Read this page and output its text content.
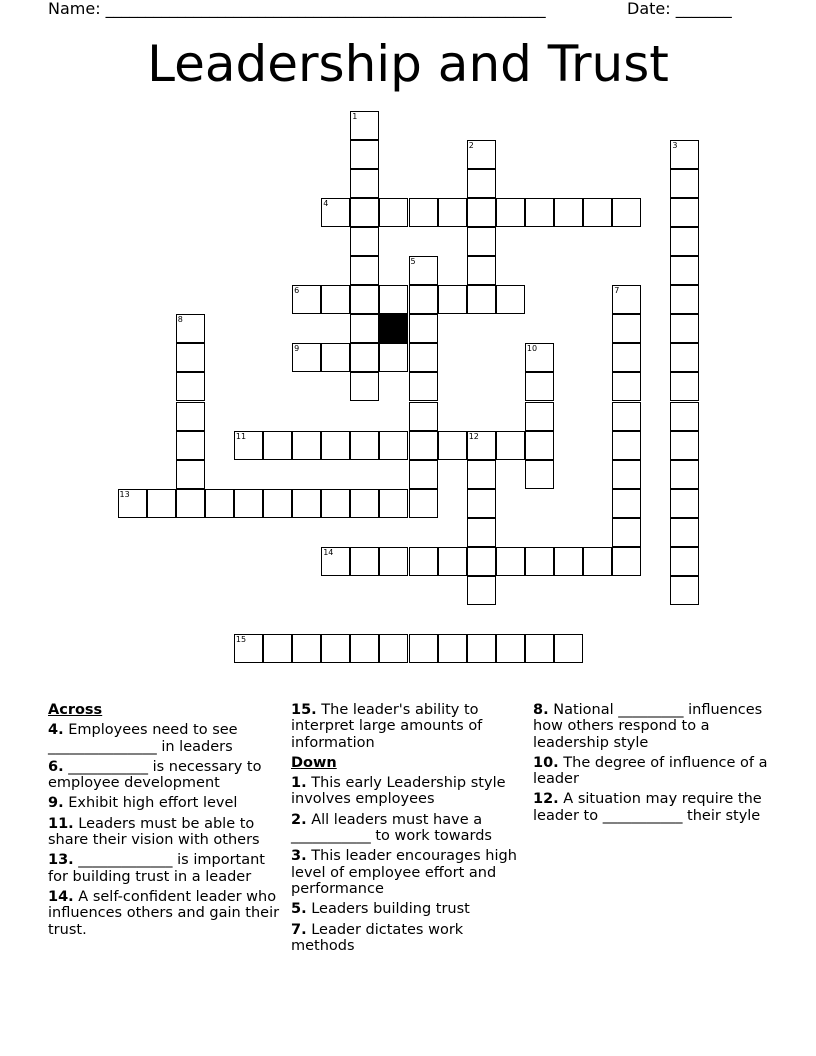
Name: _______________________________________________________	Date: _______
Leadership and Trust
1
2	3
4
5
6	7
8
9	10
11	12
13
14
15
Across
4. Employees need to see _______________ in leaders
6. ___________ is necessary to employee development
9. Exhibit high effort level
11. Leaders must be able to share their vision with others
13. _____________ is important for building trust in a leader
14. A self-confident leader who influences others and gain their trust.
15. The leader's ability to interpret large amounts of information
Down
1. This early Leadership style involves employees
2. All leaders must have a ___________ to work towards
3. This leader encourages high level of employee effort and performance
5. Leaders building trust
7. Leader dictates work methods
8. National _________ influences how others respond to a leadership style
10. The degree of influence of a leader
12. A situation may require the leader to ___________ their style
